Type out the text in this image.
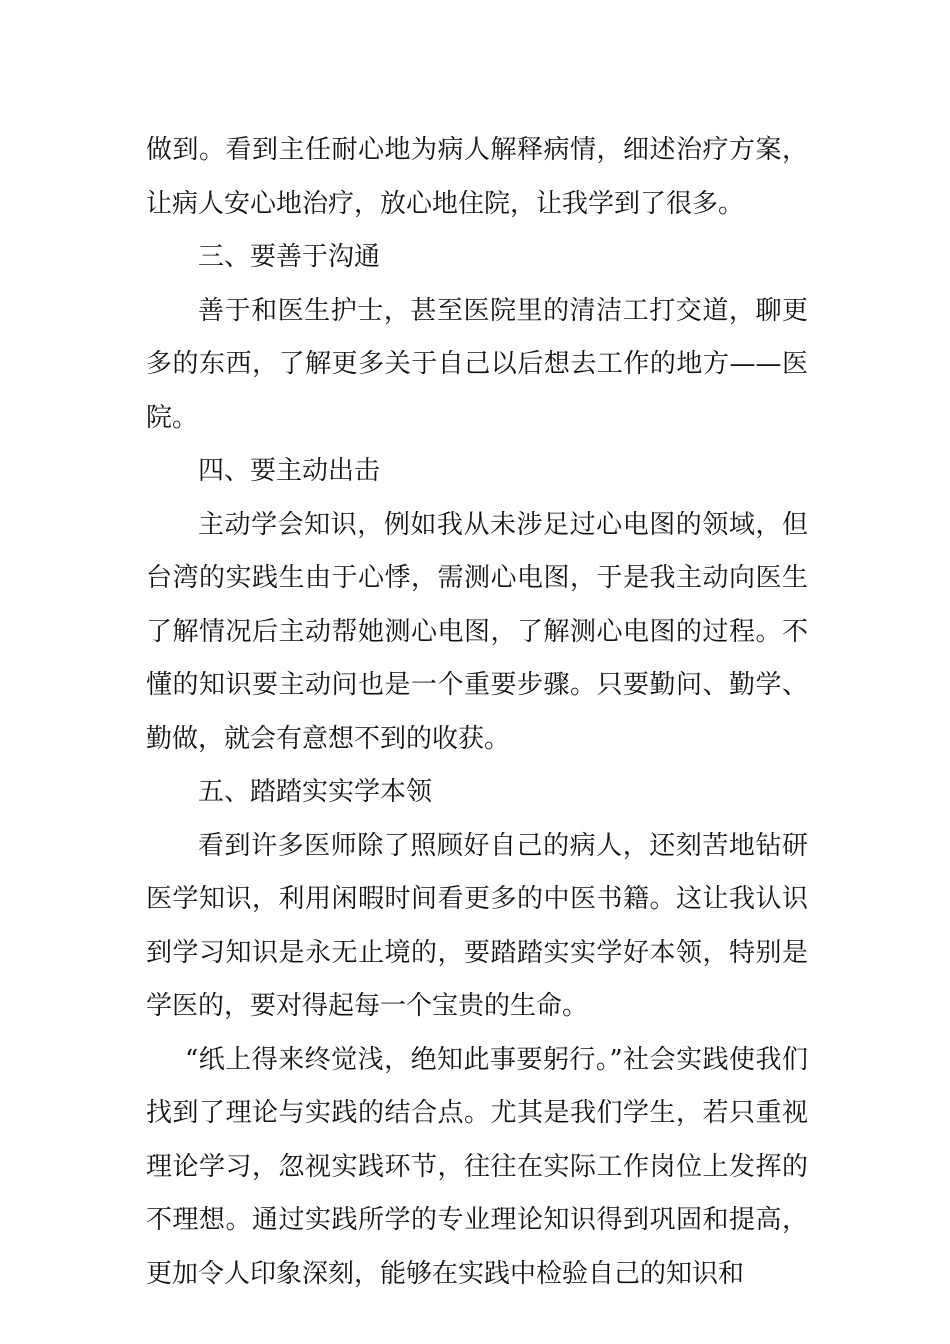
做到。看到主任耐心地为病人解释病情，细述治疗方案，让病人安心地治疗，放心地住院，让我学到了很多。

三、要善于沟通

善于和医生护士，甚至医院里的清洁工打交道，聊更多的东西，了解更多关于自己以后想去工作的地方——医院。

四、要主动出击

主动学会知识，例如我从未涉足过心电图的领域，但台湾的实践生由于心悸，需测心电图，于是我主动向医生了解情况后主动帮她测心电图，了解测心电图的过程。不懂的知识要主动问也是一个重要步骤。只要勤问、勤学、勤做，就会有意想不到的收获。

五、踏踏实实学本领

看到许多医师除了照顾好自己的病人，还刻苦地钻研医学知识，利用闲暇时间看更多的中医书籍。这让我认识到学习知识是永无止境的，要踏踏实实学好本领，特别是学医的，要对得起每一个宝贵的生命。

“纸上得来终觉浅，绝知此事要躬行。”社会实践使我们找到了理论与实践的结合点。尤其是我们学生，若只重视理论学习，忽视实践环节，往往在实际工作岗位上发挥的不理想。通过实践所学的专业理论知识得到巩固和提高，更加令人印象深刻，能够在实践中检验自己的知识和
